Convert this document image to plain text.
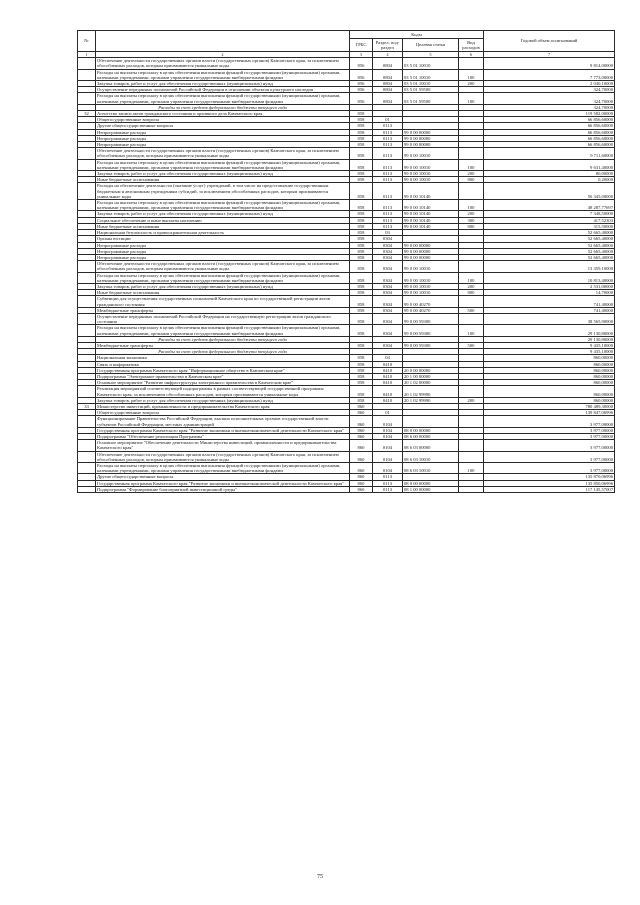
№		Коды				Годовой объем ассигнований
		ГРБС	Раздел, под- раздел	Целевая статья	Вид расходов	
1	2	3	4	5	6	7
	Обеспечение деятельности государственных органов власти (государственных органов) Камчатского края, за исключением обособленных расходов, которым присваиваются уникальные коды	856	0804	03 5 01 10010		9 814,00000
	Расходы на выплаты персоналу в целях обеспечения выполнения функций государственными (муниципальными) органами, казенными учреждениями, органами управления государственными внебюджетными фондами	856	0804	03 5 01 10010	100	7 773,00000
	Закупка товаров, работ и услуг для обеспечения государственных (муниципальных) нужд	856	0804	03 5 01 10010	200	2 040,10000
	Осуществление переданных полномочий Российской Федерации в отношении объектов культурного наследия	856	0804	03 5 01 59500		324,70000
	Расходы на выплаты персоналу в целях обеспечения выполнения функций государственными (муниципальными) органами, казенными учреждениями, органами управления государственными внебюджетными фондами	856	0804	03 5 01 59500	100	324,70000
	Расходы за счет средств федерального бюджета текущего года					324,70000
32	Агентство записи актов гражданского состояния и архивного дела Камчатского края	858				119 582,00000
	Общегосударственные вопросы	858	01			66 856,60000
	Другие общегосударственные вопросы	858	0113			66 856,60000
	Непрограммные расходы	858	0113	99 0 00 00000		66 856,60000
	Непрограммные расходы	858	0113	99 0 00 00000		66 856,60000
	Непрограммные расходы	858	0113	99 0 00 00000		66 856,60000
	Обеспечение деятельности государственных органов власти (государственных органов) Камчатского края, за исключением обособленных расходов, которым присваиваются уникальные коды	858	0113	99 0 00 10010		9 711,60000
	Расходы на выплаты персоналу в целях обеспечения выполнения функций государственными (муниципальными) органами, казенными учреждениями, органами управления государственными внебюджетными фондами	858	0113	99 0 00 10010	100	9 631,40000
	Закупка товаров, работ и услуг для обеспечения государственных (муниципальных) нужд	858	0113	99 0 00 10010	200	80,00000
	Иные бюджетные ассигнования	858	0113	99 0 00 10010	800	0,20000
	Расходы на обеспечение деятельности (оказание услуг) учреждений, в том числе на предоставление государственным бюджетным и автономным учреждениям субсидий, за исключением обособленных расходов, которым присваиваются уникальные коды	858	0113	99 0 00 10140		56 345,00000
	Расходы на выплаты персоналу в целях обеспечения выполнения функций государственными (муниципальными) органами, казенными учреждениями, органами управления государственными внебюджетными фондами	858	0113	99 0 00 10140	100	48 287,77697
	Закупка товаров, работ и услуг для обеспечения государственных (муниципальных) нужд	858	0113	99 0 00 10140	200	7 348,50000
	Социальное обеспечение и иные выплаты населению	858	0113	99 0 00 10140	300	417,52303
	Иные бюджетные ассигнования	858	0113	99 0 00 10140	800	315,50000
	Национальная безопасность и правоохранительная деятельность	858	03			52 665,40000
	Органы юстиции	858	0304			52 665,40000
	Непрограммные расходы	858	0304	99 0 00 00000		52 665,40000
	Непрограммные расходы	858	0304	99 0 00 00000		52 665,40000
	Непрограммные расходы	858	0304	99 0 00 00000		52 665,40000
	Обеспечение деятельности государственных органов власти (государственных органов) Камчатского края, за исключением обособленных расходов, которым присваиваются уникальные коды	858	0304	99 0 00 10010		13 359,10000
	Расходы на выплаты персоналу в целях обеспечения выполнения функций государственными (муниципальными) органами, казенными учреждениями, органами управления государственными внебюджетными фондами	858	0304	99 0 00 10010	100	10 813,40000
	Закупка товаров, работ и услуг для обеспечения государственных (муниципальных) нужд	858	0304	99 0 00 10010	200	2 531,00000
	Иные бюджетные ассигнования	858	0304	99 0 00 10010	800	14,70000
	Субвенции для осуществления государственных полномочий Камчатского края по государственной регистрации актов гражданского состояния	858	0304	99 0 00 40270		741,40000
	Межбюджетные трансферты	858	0304	99 0 00 40270	500	741,40000
	Осуществление переданных полномочий Российской Федерации на государственную регистрацию актов гражданского состояния	858	0304	99 0 00 59300		38 565,90000
	Расходы на выплаты персоналу в целях обеспечения выполнения функций государственными (муниципальными) органами, казенными учреждениями, органами управления государственными внебюджетными фондами	858	0304	99 0 00 59300	100	29 130,80000
	Расходы за счет средств федерального бюджета текущего года					29 130,80000
	Межбюджетные трансферты	858	0304	99 0 00 59300	500	9 435,10000
	Расходы за счет средств федерального бюджета текущего года					9 435,10000
	Национальная экономика	858	04			860,00000
	Связь и информатика	858	0410			860,00000
	Государственная программа Камчатского края "Информационное общество в Камчатском крае"	858	0410	20 0 00 00000		860,00000
	Подпрограмма "Электронное правительство в Камчатском крае"	858	0410	20 1 00 00000		860,00000
	Основное мероприятие "Развитие инфраструктуры электронного правительства в Камчатском крае"	858	0410	20 1 02 00000		860,00000
	Реализация мероприятий соответствующей подпрограммы в рамках соответствующей государственной программы Камчатского края, за исключением обособленных расходов, которым присваиваются уникальные коды	858	0410	20 1 02 99990		860,00000
	Закупка товаров, работ и услуг для обеспечения государственных (муниципальных) нужд	858	0410	20 1 02 99990	200	860,00000
33	Министерство инвестиций, промышленности и предпринимательства Камчатского края	860				780 489,30000
	Общегосударственные вопросы	860	01			139 847,06996
	Функционирование Правительства Российской Федерации, высших исполнительных органов государственной власти субъектов Российской Федерации, местных администраций	860	0104			3 977,00000
	Государственная программа Камчатского края "Развитие экономики и внешнеэкономической деятельности Камчатского края"	860	0104	08 0 00 00000		3 977,00000
	Подпрограмма "Обеспечение реализации Программы"	860	0104	08 6 00 00000		3 977,00000
	Основное мероприятие "Обеспечение деятельности Министерства инвестиций, промышленности и предпринимательства Камчатского края"	860	0104	08 6 03 00000		3 977,00000
	Обеспечение деятельности государственных органов власти (государственных органов) Камчатского края, за исключением обособленных расходов, которым присваиваются уникальные коды	860	0104	08 6 03 10010		3 977,00000
	Расходы на выплаты персоналу в целях обеспечения выполнения функций государственными (муниципальными) органами, казенными учреждениями, органами управления государственными внебюджетными фондами	860	0104	08 6 03 10010	100	3 977,00000
	Другие общегосударственные вопросы	860	0113			135 870,06996
	Государственная программа Камчатского края "Развитие экономики и внешнеэкономической деятельности Камчатского края"	860	0113	08 0 00 00000		135 850,06996
	Подпрограмма "Формирование благоприятной инвестиционной среды"	860	0113	08 1 00 00000		117 145,57007
75
